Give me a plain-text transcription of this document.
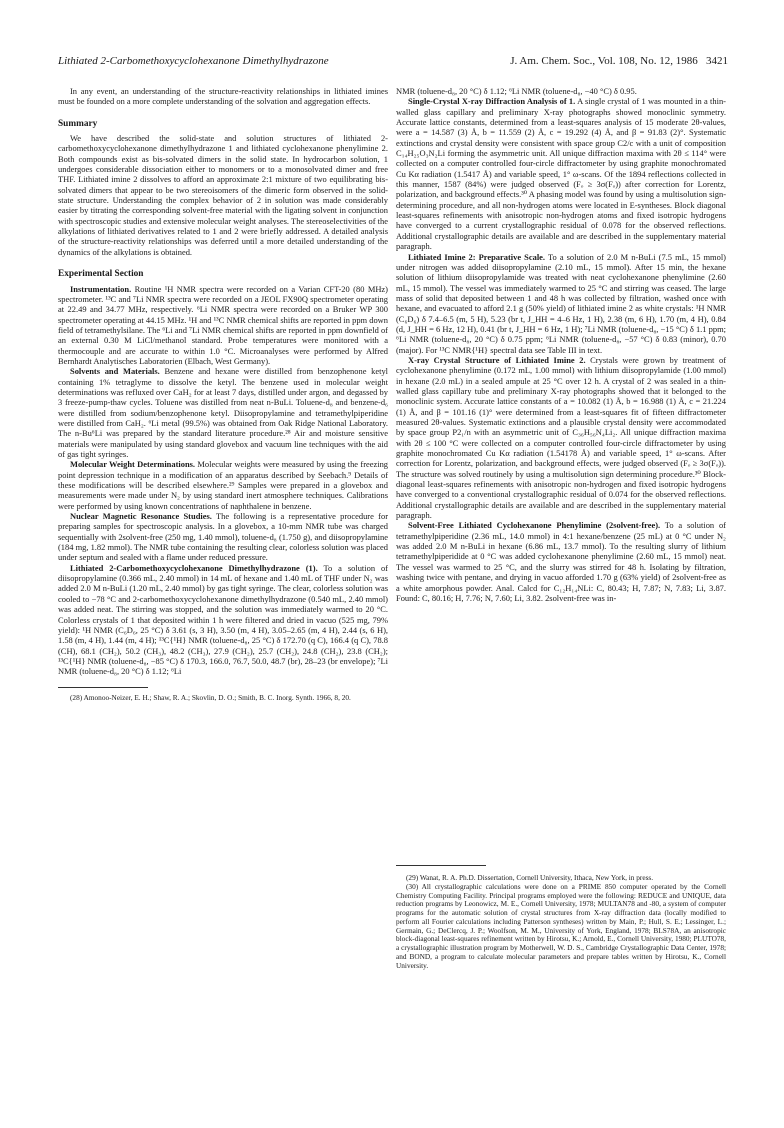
Lithiated 2-Carbomethoxycyclohexanone Dimethylhydrazone	J. Am. Chem. Soc., Vol. 108, No. 12, 1986 3421

In any event, an understanding of the structure-reactivity relationships in lithiated imines must be founded on a more complete understanding of the solvation and aggregation effects.

Summary

We have described the solid-state and solution structures of lithiated 2-carbomethoxycyclohexanone dimethylhydrazone 1 and lithiated cyclohexanone phenylimine 2. Both compounds exist as bis-solvated dimers in the solid state. In hydrocarbon solution, 1 undergoes considerable dissociation either to monomers or to a monosolvated dimer and free THF. Lithiated imine 2 dissolves to afford an approximate 2:1 mixture of two equilibrating bis-solvated dimers that appear to be two stereoisomers of the dimeric form observed in the solid-state structure. Understanding the complex behavior of 2 in solution was made considerably easier by titrating the corresponding solvent-free material with the ligating solvent in conjunction with spectroscopic studies and extensive molecular weight analyses. The stereoselectivities of the alkylations of lithiated derivatives related to 1 and 2 were briefly addressed. A detailed analysis of the structure-reactivity relationships was deferred until a more detailed understanding of the dynamics of the alkylations is obtained.

Experimental Section

Instrumentation. Routine ¹H NMR spectra were recorded on a Varian CFT-20 (80 MHz) spectrometer. ¹³C and ⁷Li NMR spectra were recorded on a JEOL FX90Q spectrometer operating at 22.49 and 34.77 MHz, respectively. ⁶Li NMR spectra were recorded on a Bruker WP 300 spectrometer operating at 44.15 MHz. ¹H and ¹³C NMR chemical shifts are reported in ppm down field of tetramethylsilane. The ⁶Li and ⁷Li NMR chemical shifts are reported in ppm downfield of an external 0.30 M LiCl/methanol standard. Probe temperatures were monitored with a thermocouple and are accurate to within 1.0 °C. Microanalyses were performed by Alfred Bernhardt Analytisches Laboratorien (Elbach, West Germany).

Solvents and Materials. Benzene and hexane were distilled from benzophenone ketyl containing 1% tetraglyme to dissolve the ketyl. The benzene used in molecular weight determinations was refluxed over CaH₂ for at least 7 days, distilled under argon, and degassed by 3 freeze-pump-thaw cycles. Toluene was distilled from neat n-BuLi. Toluene-d₈ and benzene-d₆ were distilled from sodium/benzophenone ketyl. Diisopropylamine and tetramethylpiperidine were distilled from CaH₂. ⁶Li metal (99.5%) was obtained from Oak Ridge National Laboratory. The n-Bu⁶Li was prepared by the standard literature procedure.²⁸ Air and moisture sensitive materials were manipulated by using standard glovebox and vacuum line techniques with the aid of gas tight syringes.

Molecular Weight Determinations. Molecular weights were measured by using the freezing point depression technique in a modification of an apparatus described by Seebach.⁹ Details of these modifications will be described elsewhere.²⁹ Samples were prepared in a glovebox and measurements were made under N₂ by using standard inert atmosphere techniques. Calibrations were performed by using known concentrations of naphthalene in benzene.

Nuclear Magnetic Resonance Studies. The following is a representative procedure for preparing samples for spectroscopic analysis. In a glovebox, a 10-mm NMR tube was charged sequentially with 2solvent-free (250 mg, 1.40 mmol), toluene-d₈ (1.750 g), and diisopropylamine (184 mg, 1.82 mmol). The NMR tube containing the resulting clear, colorless solution was placed under septum and sealed with a flame under reduced pressure.

Lithiated 2-Carbomethoxycyclohexanone Dimethylhydrazone (1). To a solution of diisopropylamine (0.366 mL, 2.40 mmol) in 14 mL of hexane and 1.40 mL of THF under N₂ was added 2.0 M n-BuLi (1.20 mL, 2.40 mmol) by gas tight syringe. The clear, colorless solution was cooled to −78 °C and 2-carbomethoxycyclohexanone dimethylhydrazone (0.540 mL, 2.40 mmol) was added neat. The stirring was stopped, and the solution was immediately warmed to 20 °C. Colorless crystals of 1 that deposited within 1 h were filtered and dried in vacuo (525 mg, 79% yield): ¹H NMR (C₆D₆, 25 °C) δ 3.61 (s, 3 H), 3.50 (m, 4 H), 3.05–2.65 (m, 4 H), 2.44 (s, 6 H), 1.58 (m, 4 H), 1.44 (m, 4 H); ¹³C{¹H} NMR (toluene-d₈, 25 °C) δ 172.70 (q C), 166.4 (q C), 78.8 (CH), 68.1 (CH₂), 50.2 (CH₃), 48.2 (CH₃), 27.9 (CH₂), 25.7 (CH₂), 24.8 (CH₂), 23.8 (CH₂); ¹³C{¹H} NMR (toluene-d₈, −85 °C) δ 170.3, 166.0, 76.7, 50.0, 48.7 (br), 28–23 (br envelope); ⁷Li NMR (toluene-d₈, 20 °C) δ 1.12; ⁶Li

(28) Amonoo-Neizer, E. H.; Shaw, R. A.; Skovlin, D. O.; Smith, B. C. Inorg. Synth. 1966, 8, 20.

NMR (toluene-d₈, 20 °C) δ 1.12; ⁶Li NMR (toluene-d₈, −40 °C) δ 0.95.

Single-Crystal X-ray Diffraction Analysis of 1. A single crystal of 1 was mounted in a thin-walled glass capillary and preliminary X-ray photographs showed monoclinic symmetry. Accurate lattice constants, determined from a least-squares analysis of 15 moderate 2θ-values, were a = 14.587 (3) Å, b = 11.559 (2) Å, c = 19.292 (4) Å, and β = 91.83 (2)°. Systematic extinctions and crystal density were consistent with space group C2/c with a unit of composition C₁₄H₂₅O₃N₂Li forming the asymmetric unit. All unique diffraction maxima with 2θ ≤ 114° were collected on a computer controlled four-circle diffractometer by using graphite monochromated Cu Kα radiation (1.5417 Å) and variable speed, 1° ω-scans. Of the 1894 reflections collected in this manner, 1587 (84%) were judged observed (Fₒ ≥ 3σ(Fₒ)) after correction for Lorentz, polarization, and background effects.³⁰ A phasing model was found by using a multisolution sign-determining procedure, and all non-hydrogen atoms were located in E-syntheses. Block diagonal least-squares refinements with anisotropic non-hydrogen atoms and fixed isotropic hydrogens have converged to a current crystallographic residual of 0.078 for the observed reflections. Additional crystallographic details are available and are described in the supplementary material paragraph.

Lithiated Imine 2: Preparative Scale. To a solution of 2.0 M n-BuLi (7.5 mL, 15 mmol) under nitrogen was added diisopropylamine (2.10 mL, 15 mmol). After 15 min, the hexane solution of lithium diisopropylamide was treated with neat cyclohexanone phenylimine (2.60 mL, 15 mmol). The vessel was immediately warmed to 25 °C and stirring was ceased. The large mass of solid that deposited between 1 and 48 h was collected by filtration, washed once with hexane, and evacuated to afford 2.1 g (50% yield) of lithiated imine 2 as white crystals: ¹H NMR (C₆D₆) δ 7.4–6.5 (m, 5 H), 5.23 (br t, J_HH = 4–6 Hz, 1 H), 2.38 (m, 6 H), 1.70 (m, 4 H), 0.84 (d, J_HH = 6 Hz, 12 H), 0.41 (br t, J_HH = 6 Hz, 1 H); ⁷Li NMR (toluene-d₈, −15 °C) δ 1.1 ppm; ⁶Li NMR (toluene-d₈, 20 °C) δ 0.75 ppm; ⁶Li NMR (toluene-d₈, −57 °C) δ 0.83 (minor), 0.70 (major). For ¹³C NMR{¹H} spectral data see Table III in text.

X-ray Crystal Structure of Lithiated Imine 2. Crystals were grown by treatment of cyclohexanone phenylimine (0.172 mL, 1.00 mmol) with lithium diisopropylamide (1.00 mmol) in hexane (2.0 mL) in a sealed ampule at 25 °C over 12 h. A crystal of 2 was sealed in a thin-walled glass capillary tube and preliminary X-ray photographs showed that it belonged to the monoclinic system. Accurate lattice constants of a = 10.082 (1) Å, b = 16.988 (1) Å, c = 21.224 (1) Å, and β = 101.16 (1)° were determined from a least-squares fit of fifteen diffractometer measured 2θ-values. Systematic extinctions and a plausible crystal density were accommodated by space group P2₁/n with an asymmetric unit of C₃₆H₅₆N₄Li₂. All unique diffraction maxima with 2θ ≤ 100 °C were collected on a computer controlled four-circle diffractometer by using graphite monochromated Cu Kα radiation (1.54178 Å) and variable speed, 1° ω-scans. After correction for Lorentz, polarization, and background effects, were judged observed (Fₒ ≥ 3σ(Fₒ)). The structure was solved routinely by using a multisolution sign determining procedure.³⁰ Block-diagonal least-squares refinements with anisotropic non-hydrogen and fixed isotropic hydrogens have converged to a conventional crystallographic residual of 0.074 for the observed reflections. Additional crystallographic details are available and are described in the supplementary material paragraph.

Solvent-Free Lithiated Cyclohexanone Phenylimine (2solvent-free). To a solution of tetramethylpiperidine (2.36 mL, 14.0 mmol) in 4:1 hexane/benzene (25 mL) at 0 °C under N₂ was added 2.0 M n-BuLi in hexane (6.86 mL, 13.7 mmol). To the resulting slurry of lithium tetramethylpiperidide at 0 °C was added cyclohexanone phenylimine (2.60 mL, 15 mmol) neat. The vessel was warmed to 25 °C, and the slurry was stirred for 48 h. Isolating by filtration, washing twice with pentane, and drying in vacuo afforded 1.70 g (63% yield) of 2solvent-free as a white amorphous powder. Anal. Calcd for C₁₂H₁₄NLi: C, 80.43; H, 7.87; N, 7.83; Li, 3.87. Found: C, 80.16; H, 7.76; N, 7.60; Li, 3.82. 2solvent-free was in-

(29) Wanat, R. A. Ph.D. Dissertation, Cornell University, Ithaca, New York, in press.

(30) All crystallographic calculations were done on a PRIME 850 computer operated by the Cornell Chemistry Computing Facility. Principal programs employed were the following: REDUCE and UNIQUE, data reduction programs by Leonowicz, M. E., Cornell University, 1978; MULTAN78 and -80, a system of computer programs for the automatic solution of crystal structures from X-ray diffraction data (locally modified to perform all Fourier calculations including Patterson syntheses) written by Main, P.; Hull, S. E.; Lessinger, L.; Germain, G.; DeClercq, J. P.; Woolfson, M. M., University of York, England, 1978; BLS78A, an anisotropic block-diagonal least-squares refinement written by Hirotsu, K.; Arnold, E., Cornell University, 1980; PLUTO78, a crystallographic illustration program by Motherwell, W. D. S., Cambridge Crystallographic Data Center, 1978; and BOND, a program to calculate molecular parameters and prepare tables written by Hirotsu, K., Cornell University.
